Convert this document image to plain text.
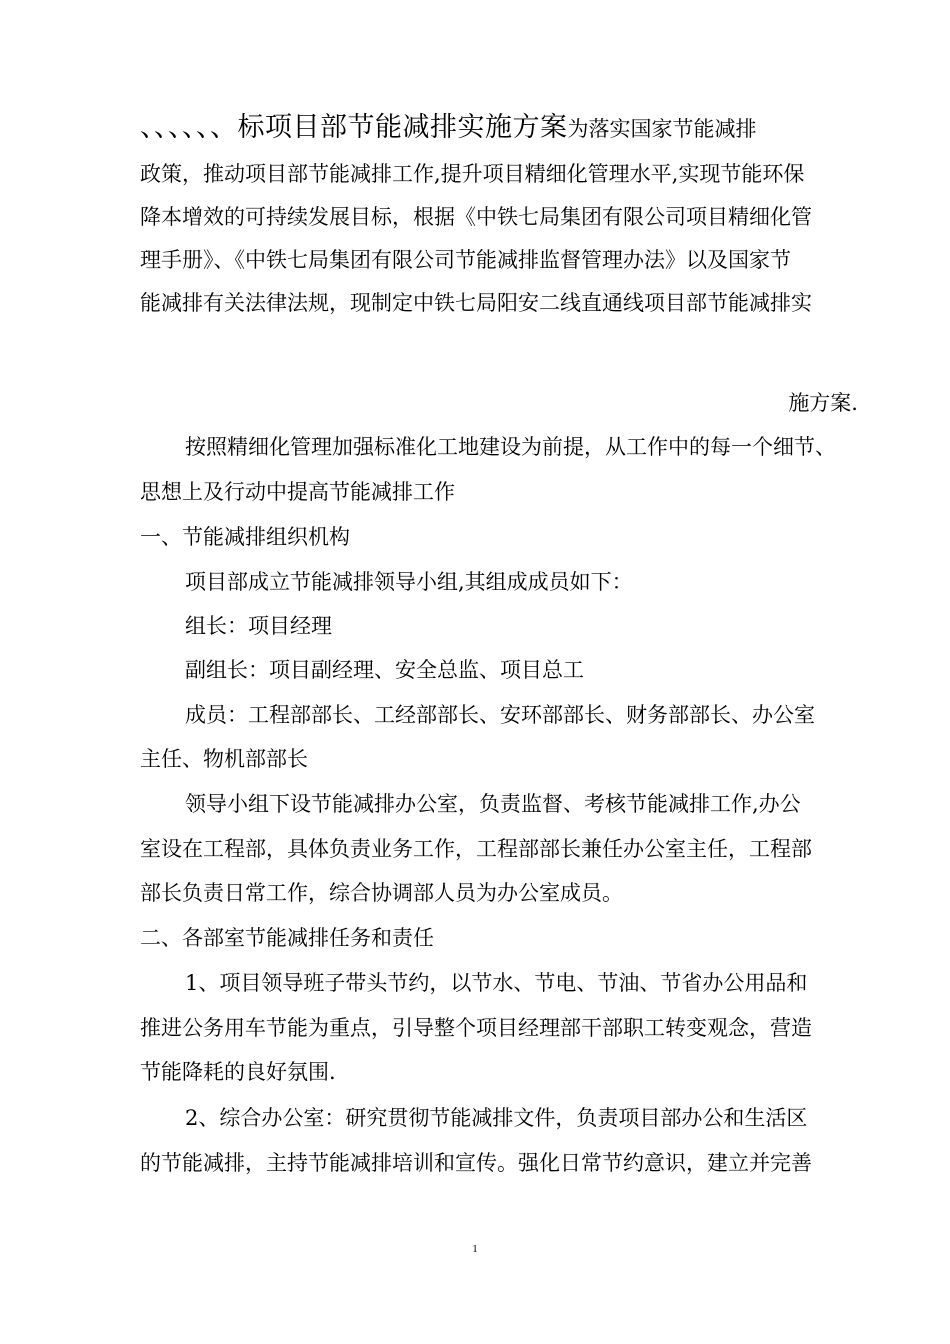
、、、、、、标项目部节能减排实施方案为落实国家节能减排
政策，推动项目部节能减排工作,提升项目精细化管理水平,实现节能环保
降本增效的可持续发展目标，根据《中铁七局集团有限公司项目精细化管
理手册》、《中铁七局集团有限公司节能减排监督管理办法》以及国家节
能减排有关法律法规，现制定中铁七局阳安二线直通线项目部节能减排实
施方案.
按照精细化管理加强标准化工地建设为前提，从工作中的每一个细节、
思想上及行动中提高节能减排工作
一、节能减排组织机构
项目部成立节能减排领导小组,其组成成员如下：
组长：项目经理
副组长：项目副经理、安全总监、项目总工
成员：工程部部长、工经部部长、安环部部长、财务部部长、办公室
主任、物机部部长
领导小组下设节能减排办公室，负责监督、考核节能减排工作,办公
室设在工程部，具体负责业务工作，工程部部长兼任办公室主任，工程部
部长负责日常工作，综合协调部人员为办公室成员。
二、各部室节能减排任务和责任
1、项目领导班子带头节约，以节水、节电、节油、节省办公用品和
推进公务用车节能为重点，引导整个项目经理部干部职工转变观念，营造
节能降耗的良好氛围.
2、综合办公室：研究贯彻节能减排文件，负责项目部办公和生活区
的节能减排，主持节能减排培训和宣传。强化日常节约意识，建立并完善
1
